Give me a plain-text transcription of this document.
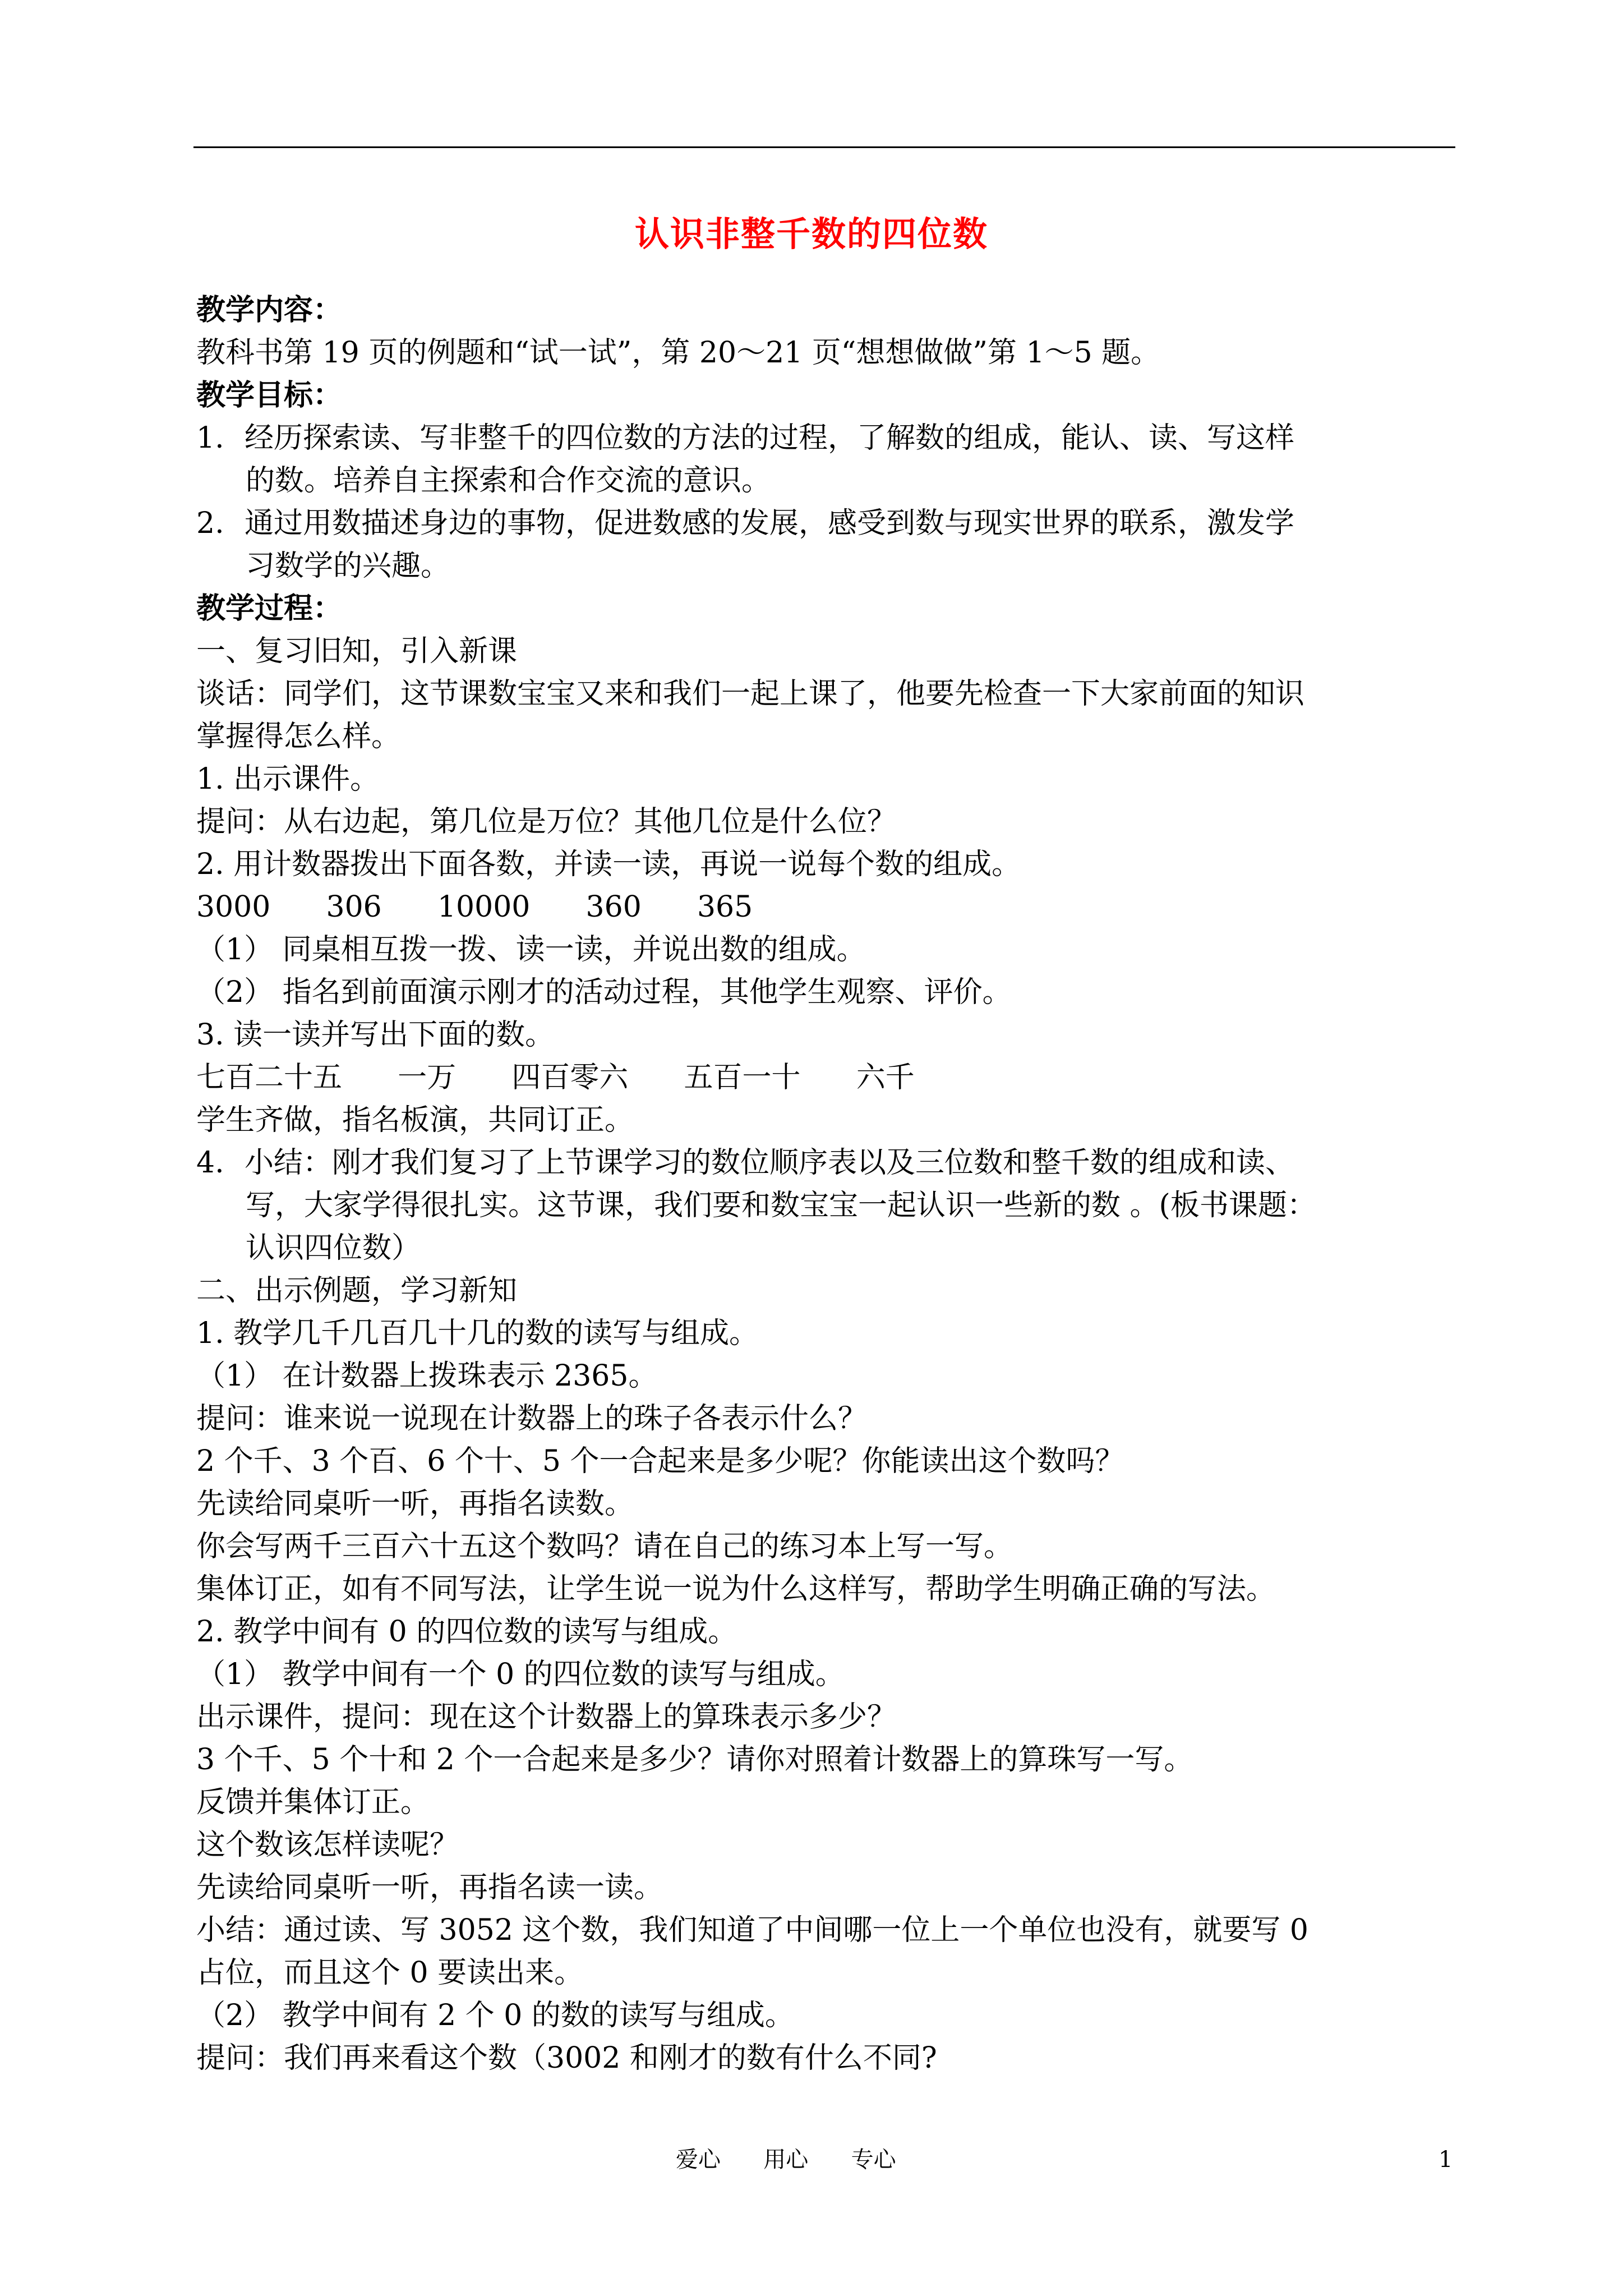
认识非整千数的四位数

教学内容：

教科书第 19 页的例题和“试一试”，第 20～21 页“想想做做”第 1～5 题。

教学目标：

1. 经历探索读、写非整千的四位数的方法的过程，了解数的组成，能认、读、写这样

的数。培养自主探索和合作交流的意识。

2. 通过用数描述身边的事物，促进数感的发展，感受到数与现实世界的联系，激发学

习数学的兴趣。

教学过程：

一、复习旧知，引入新课

谈话：同学们，这节课数宝宝又来和我们一起上课了，他要先检查一下大家前面的知识

掌握得怎么样。

1. 出示课件。

提问：从右边起，第几位是万位？其他几位是什么位？

2. 用计数器拨出下面各数，并读一读，再说一说每个数的组成。

3000      306      10000      360      365

（1） 同桌相互拨一拨、读一读，并说出数的组成。

（2） 指名到前面演示刚才的活动过程，其他学生观察、评价。

3. 读一读并写出下面的数。

七百二十五      一万      四百零六      五百一十      六千

学生齐做，指名板演，共同订正。

4. 小结：刚才我们复习了上节课学习的数位顺序表以及三位数和整千数的组成和读、

写，大家学得很扎实。这节课，我们要和数宝宝一起认识一些新的数 。(板书课题：

认识四位数）

二、出示例题，学习新知

1. 教学几千几百几十几的数的读写与组成。

（1） 在计数器上拨珠表示 2365。

提问：谁来说一说现在计数器上的珠子各表示什么？

2 个千、3 个百、6 个十、5 个一合起来是多少呢？你能读出这个数吗？

先读给同桌听一听，再指名读数。

你会写两千三百六十五这个数吗？请在自己的练习本上写一写。

集体订正，如有不同写法，让学生说一说为什么这样写，帮助学生明确正确的写法。

2. 教学中间有 0 的四位数的读写与组成。

（1） 教学中间有一个 0 的四位数的读写与组成。

出示课件，提问：现在这个计数器上的算珠表示多少？

3 个千、5 个十和 2 个一合起来是多少？请你对照着计数器上的算珠写一写。

反馈并集体订正。

这个数该怎样读呢？

先读给同桌听一听，再指名读一读。

小结：通过读、写 3052 这个数，我们知道了中间哪一位上一个单位也没有，就要写 0

占位，而且这个 0 要读出来。

（2） 教学中间有 2 个 0 的数的读写与组成。

提问：我们再来看这个数（3002 和刚才的数有什么不同?

爱心      用心      专心	1
